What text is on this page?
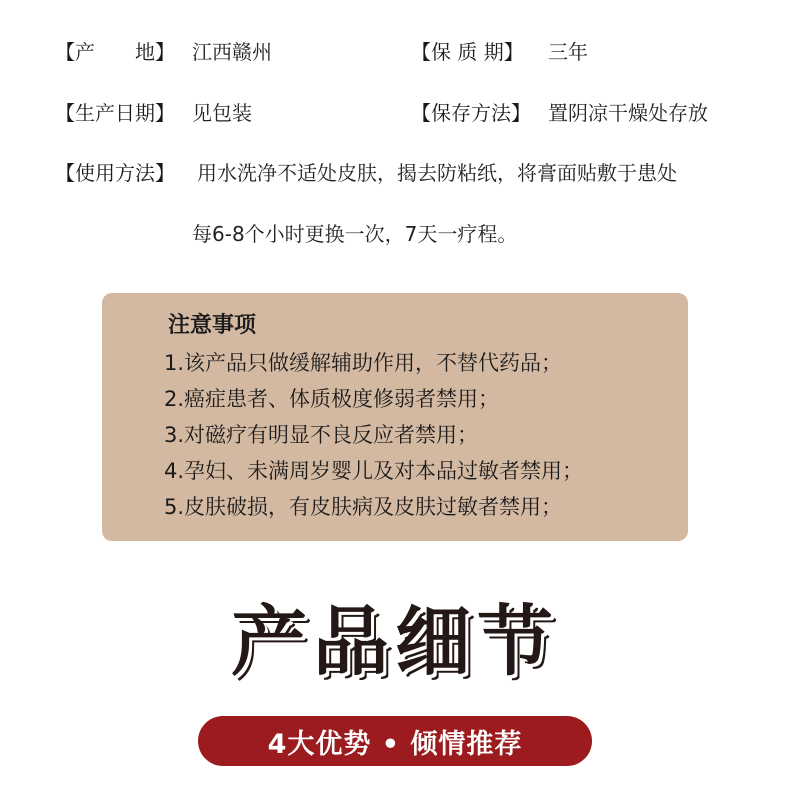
【产　　地】 江西赣州	【保 质 期】 三年
【生产日期】 见包装	【保存方法】 置阴凉干燥处存放
【使用方法】 用水洗净不适处皮肤，揭去防粘纸，将膏面贴敷于患处
每6-8个小时更换一次，7天一疗程。
注意事项
1.该产品只做缓解辅助作用，不替代药品；
2.癌症患者、体质极度修弱者禁用；
3.对磁疗有明显不良反应者禁用；
4.孕妇、未满周岁婴儿及对本品过敏者禁用；
5.皮肤破损，有皮肤病及皮肤过敏者禁用；
产品细节
4大优势 • 倾情推荐
